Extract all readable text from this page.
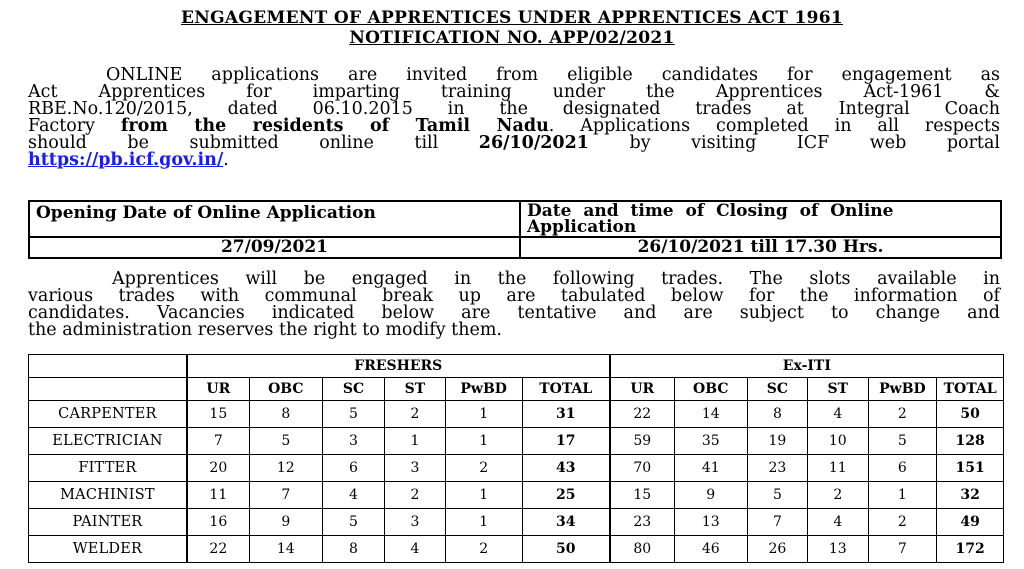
ENGAGEMENT OF APPRENTICES UNDER APPRENTICES ACT 1961
NOTIFICATION NO. APP/02/2021
ONLINE applications are invited from eligible candidates for engagement as
Act Apprentices for imparting training under the Apprentices Act-1961 &
RBE.No.120/2015, dated 06.10.2015 in the designated trades at Integral Coach
Factory from the residents of Tamil Nadu. Applications completed in all respects
should be submitted online till 26/10/2021 by visiting ICF web portal
https://pb.icf.gov.in/.
Opening Date of Online Application	Date and time of Closing of Online Application
27/09/2021	26/10/2021 till 17.30 Hrs.
Apprentices will be engaged in the following trades. The slots available in
various trades with communal break up are tabulated below for the information of
candidates. Vacancies indicated below are tentative and are subject to change and
the administration reserves the right to modify them.
	FRESHERS						Ex-ITI					
	UR	OBC	SC	ST	PwBD	TOTAL	UR	OBC	SC	ST	PwBD	TOTAL
CARPENTER	15	8	5	2	1	31	22	14	8	4	2	50
ELECTRICIAN	7	5	3	1	1	17	59	35	19	10	5	128
FITTER	20	12	6	3	2	43	70	41	23	11	6	151
MACHINIST	11	7	4	2	1	25	15	9	5	2	1	32
PAINTER	16	9	5	3	1	34	23	13	7	4	2	49
WELDER	22	14	8	4	2	50	80	46	26	13	7	172
